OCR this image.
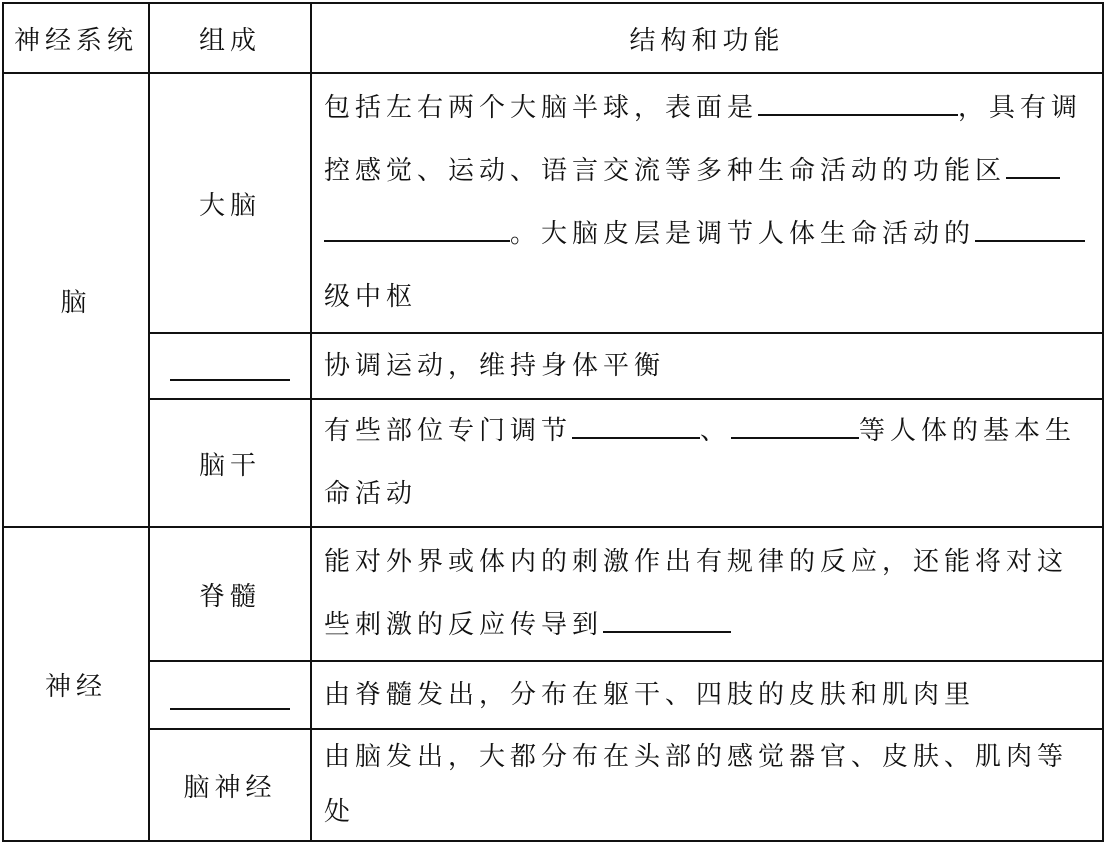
神经系统	组成	结构和功能
脑	大脑	包括左右两个大脑半球，表面是 ，具有调控感觉、运动、语言交流等多种生命活动的功能区。大脑皮层是调节人体生命活动的级中枢

		协调运动，维持身体平衡
	脑干	有些部位专门调节 、 等人体的基本生命活动
神经	脊髓	能对外界或体内的刺激作出有规律的反应，还能将对这些刺激的反应传导到

		由脊髓发出，分布在躯干、四肢的皮肤和肌肉里
	脑神经	由脑发出，大都分布在头部的感觉器官、皮肤、肌肉等处
